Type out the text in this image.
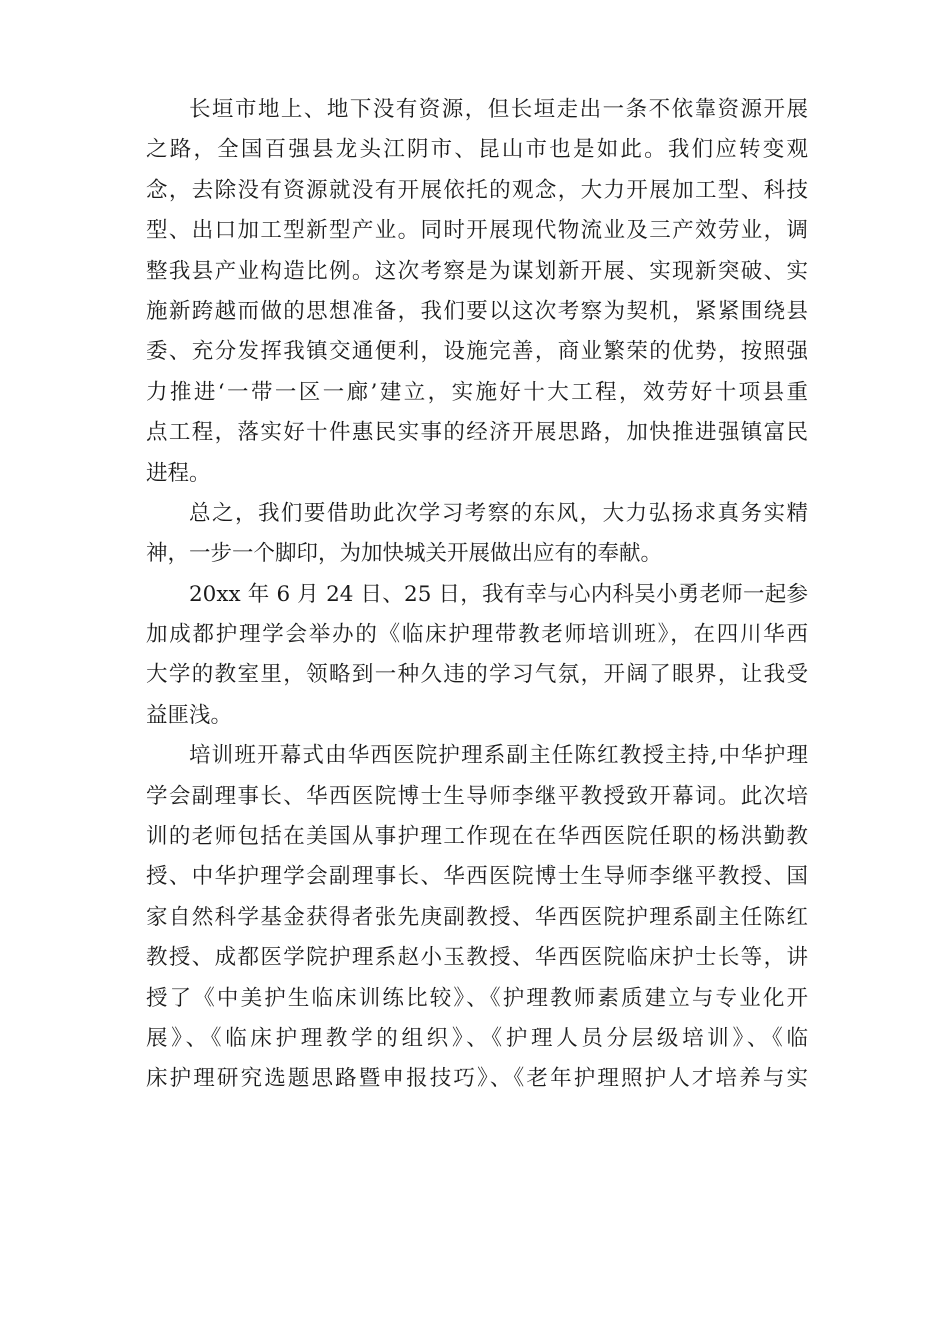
长垣市地上、地下没有资源，但长垣走出一条不依靠资源开展
之路，全国百强县龙头江阴市、昆山市也是如此。我们应转变观
念，去除没有资源就没有开展依托的观念，大力开展加工型、科技
型、出口加工型新型产业。同时开展现代物流业及三产效劳业，调
整我县产业构造比例。这次考察是为谋划新开展、实现新突破、实
施新跨越而做的思想准备，我们要以这次考察为契机，紧紧围绕县
委、充分发挥我镇交通便利，设施完善，商业繁荣的优势，按照强
力推进‘一带一区一廊’建立，实施好十大工程，效劳好十项县重
点工程，落实好十件惠民实事的经济开展思路，加快推进强镇富民
进程。

总之，我们要借助此次学习考察的东风，大力弘扬求真务实精
神，一步一个脚印，为加快城关开展做出应有的奉献。

20xx 年 6 月 24 日、25 日，我有幸与心内科吴小勇老师一起参
加成都护理学会举办的《临床护理带教老师培训班》，在四川华西
大学的教室里，领略到一种久违的学习气氛，开阔了眼界，让我受
益匪浅。

培训班开幕式由华西医院护理系副主任陈红教授主持,中华护理
学会副理事长、华西医院博士生导师李继平教授致开幕词。此次培
训的老师包括在美国从事护理工作现在在华西医院任职的杨洪勤教
授、中华护理学会副理事长、华西医院博士生导师李继平教授、国
家自然科学基金获得者张先庚副教授、华西医院护理系副主任陈红
教授、成都医学院护理系赵小玉教授、华西医院临床护士长等，讲
授了《中美护生临床训练比较》、《护理教师素质建立与专业化开
展》、《临床护理教学的组织》、《护理人员分层级培训》、《临
床护理研究选题思路暨申报技巧》、《老年护理照护人才培养与实
